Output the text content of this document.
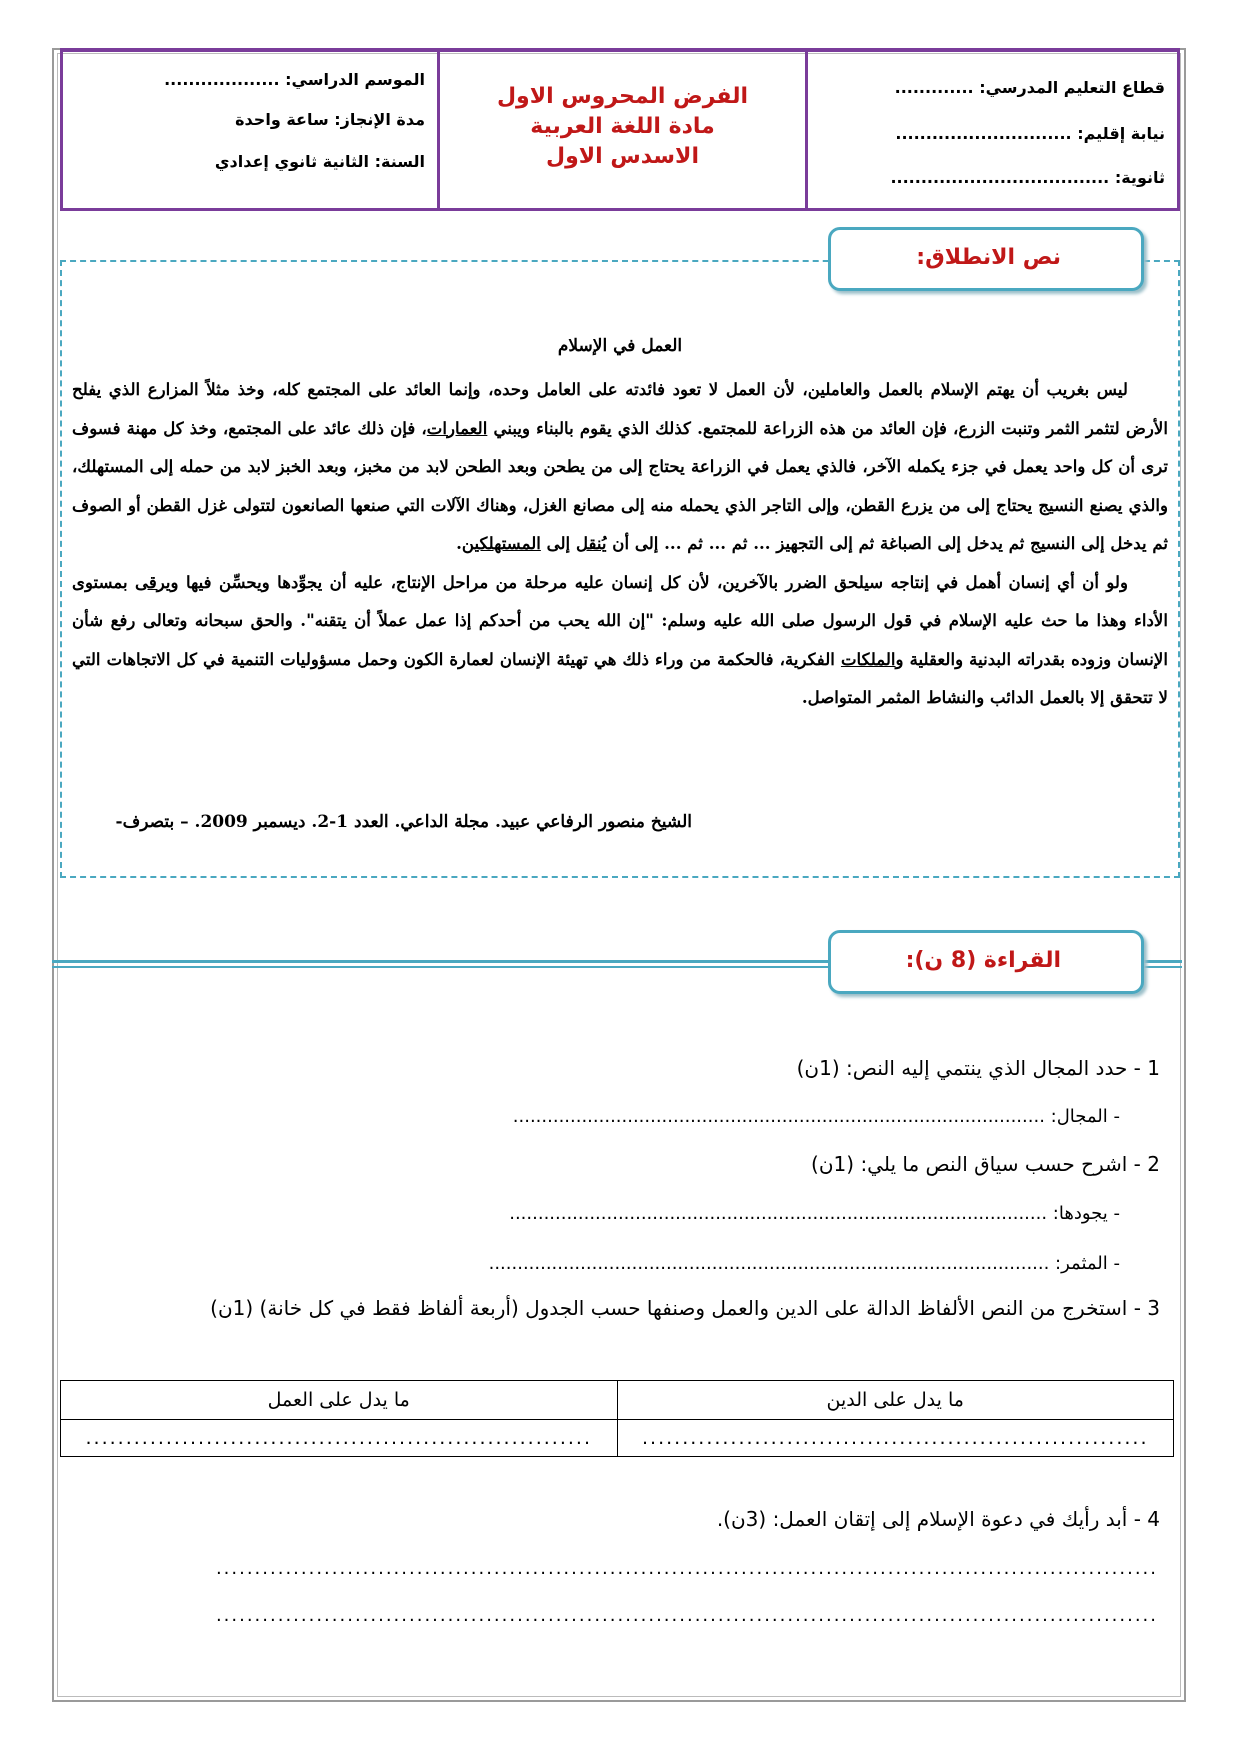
قطاع التعليم المدرسي: .............
نيابة إقليم: .............................
ثانوية: ....................................
الفرض المحروس الاول
مادة اللغة العربية
الاسدس الاول
الموسم الدراسي: ...................
مدة الإنجاز: ساعة واحدة
السنة: الثانية ثانوي إعدادي
نص الانطلاق:
العمل في الإسلام

ليس بغريب أن يهتم الإسلام بالعمل والعاملين، لأن العمل لا تعود فائدته على العامل وحده، وإنما العائد على المجتمع كله، وخذ مثلاً المزارع الذي يفلح الأرض لتثمر الثمر وتنبت الزرع، فإن العائد من هذه الزراعة للمجتمع. كذلك الذي يقوم بالبناء ويبني العمارات، فإن ذلك عائد على المجتمع، وخذ كل مهنة فسوف ترى أن كل واحد يعمل في جزء يكمله الآخر، فالذي يعمل في الزراعة يحتاج إلى من يطحن وبعد الطحن لابد من مخبز، وبعد الخبز لابد من حمله إلى المستهلك، والذي يصنع النسيج يحتاج إلى من يزرع القطن، وإلى التاجر الذي يحمله منه إلى مصانع الغزل، وهناك الآلات التي صنعها الصانعون لتتولى غزل القطن أو الصوف ثم يدخل إلى النسيج ثم يدخل إلى الصباغة ثم إلى التجهيز ... ثم ... ثم ... إلى أن يُنقل إلى المستهلكين.

ولو أن أي إنسان أهمل في إنتاجه سيلحق الضرر بالآخرين، لأن كل إنسان عليه مرحلة من مراحل الإنتاج، عليه أن يجوِّدها ويحسِّن فيها ويرقى بمستوى الأداء وهذا ما حث عليه الإسلام في قول الرسول صلى الله عليه وسلم: "إن الله يحب من أحدكم إذا عمل عملاً أن يتقنه". والحق سبحانه وتعالى رفع شأن الإنسان وزوده بقدراته البدنية والعقلية والملكات الفكرية، فالحكمة من وراء ذلك هي تهيئة الإنسان لعمارة الكون وحمل مسؤوليات التنمية في كل الاتجاهات التي لا تتحقق إلا بالعمل الدائب والنشاط المثمر المتواصل.

الشيخ منصور الرفاعي عبيد. مجلة الداعي. العدد 1-2. ديسمبر 2009. – بتصرف-
القراءة (8 ن):
1 - حدد المجال الذي ينتمي إليه النص: (1ن)
- المجال: .............................................................................................
2 - اشرح حسب سياق النص ما يلي: (1ن)
- يجودها: ..............................................................................................
- المثمر: ..................................................................................................
3 - استخرج من النص الألفاظ الدالة على الدين والعمل وصنفها حسب الجدول (أربعة ألفاظ فقط في كل خانة) (1ن)
ما يدل على الدين	ما يدل على العمل
...............................................................	...............................................................
4 - أبد رأيك في دعوة الإسلام إلى إتقان العمل: (3ن).
..........................................................................................................................
..........................................................................................................................
